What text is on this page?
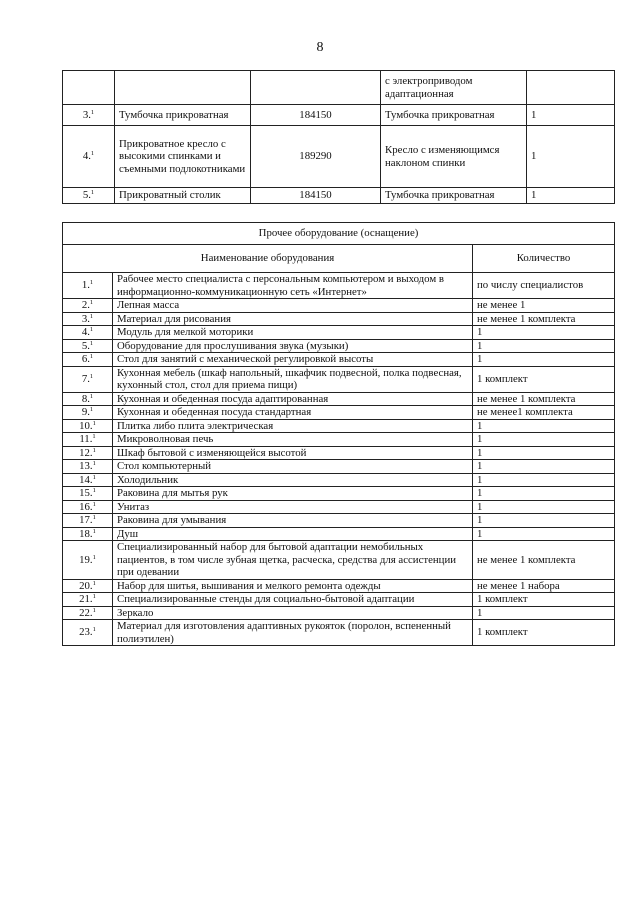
8
			с электроприводом адаптационная	
3.$^1$	Тумбочка прикроватная	184150	Тумбочка прикроватная	1
4.$^1$	Прикроватное кресло с высокими спинками и съемными подлокотниками	189290	Кресло с изменяющимся наклоном спинки	1
5.$^1$	Прикроватный столик	184150	Тумбочка прикроватная	1
Прочее оборудование (оснащение)		
Наименование оборудования		Количество
1.$^1$	Рабочее место специалиста с персональным компьютером и выходом в информационно-коммуникационную сеть «Интернет»	по числу специалистов
2.$^1$	Лепная масса	не менее 1
3.$^1$	Материал для рисования	не менее 1 комплекта
4.$^1$	Модуль для мелкой моторики	1
5.$^1$	Оборудование для прослушивания звука (музыки)	1
6.$^1$	Стол для занятий с механической регулировкой высоты	1
7.$^1$	Кухонная мебель (шкаф напольный, шкафчик подвесной, полка подвесная, кухонный стол, стол для приема пищи)	1 комплект
8.$^1$	Кухонная и обеденная посуда адаптированная	не менее 1 комплекта
9.$^1$	Кухонная и обеденная посуда стандартная	не менее1 комплекта
10.$^1$	Плитка либо плита электрическая	1
11.$^1$	Микроволновая печь	1
12.$^1$	Шкаф бытовой с изменяющейся высотой	1
13.$^1$	Стол компьютерный	1
14.$^1$	Холодильник	1
15.$^1$	Раковина для мытья рук	1
16.$^1$	Унитаз	1
17.$^1$	Раковина для умывания	1
18.$^1$	Душ	1
19.$^1$	Специализированный набор для бытовой адаптации немобильных пациентов, в том числе зубная щетка, расческа, средства для ассистенции при одевании	не менее 1 комплекта
20.$^1$	Набор для шитья, вышивания и мелкого ремонта одежды	не менее 1 набора
21.$^1$	Специализированные стенды для социально-бытовой адаптации	1 комплект
22.$^1$	Зеркало	1
23.$^1$	Материал для изготовления адаптивных рукояток (поролон, вспененный полиэтилен)	1 комплект
